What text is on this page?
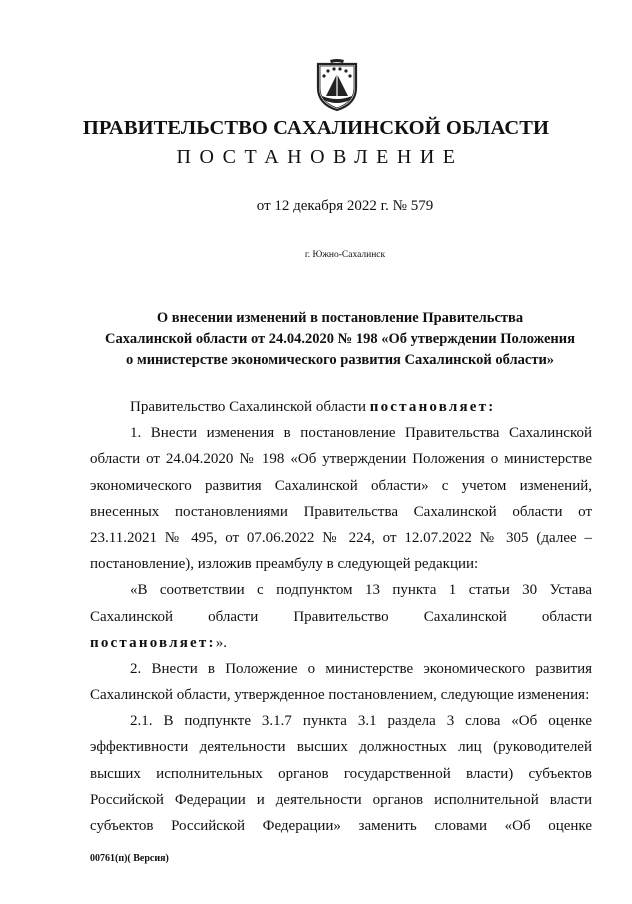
ПРАВИТЕЛЬСТВО САХАЛИНСКОЙ ОБЛАСТИ
ПОСТАНОВЛЕНИЕ
от 12 декабря 2022 г. № 579
г. Южно-Сахалинск
О внесении изменений в постановление Правительства
Сахалинской области от 24.04.2020 № 198 «Об утверждении Положения
о министерстве экономического развития Сахалинской области»
Правительство Сахалинской области постановляет:
1. Внести изменения в постановление Правительства Сахалинской
области от 24.04.2020 № 198 «Об утверждении Положения о министерстве
экономического развития Сахалинской области» с учетом изменений,
внесенных постановлениями Правительства Сахалинской области от
23.11.2021 № 495, от 07.06.2022 № 224, от 12.07.2022 № 305 (далее –
постановление), изложив преамбулу в следующей редакции:
«В соответствии с подпунктом 13 пункта 1 статьи 30 Устава
Сахалинской области Правительство Сахалинской области
постановляет:».
2. Внести в Положение о министерстве экономического развития
Сахалинской области, утвержденное постановлением, следующие изменения:
2.1. В подпункте 3.1.7 пункта 3.1 раздела 3 слова «Об оценке
эффективности деятельности высших должностных лиц (руководителей
высших исполнительных органов государственной власти) субъектов
Российской Федерации и деятельности органов исполнительной власти
субъектов Российской Федерации» заменить словами «Об оценке
00761(п)( Версия)
